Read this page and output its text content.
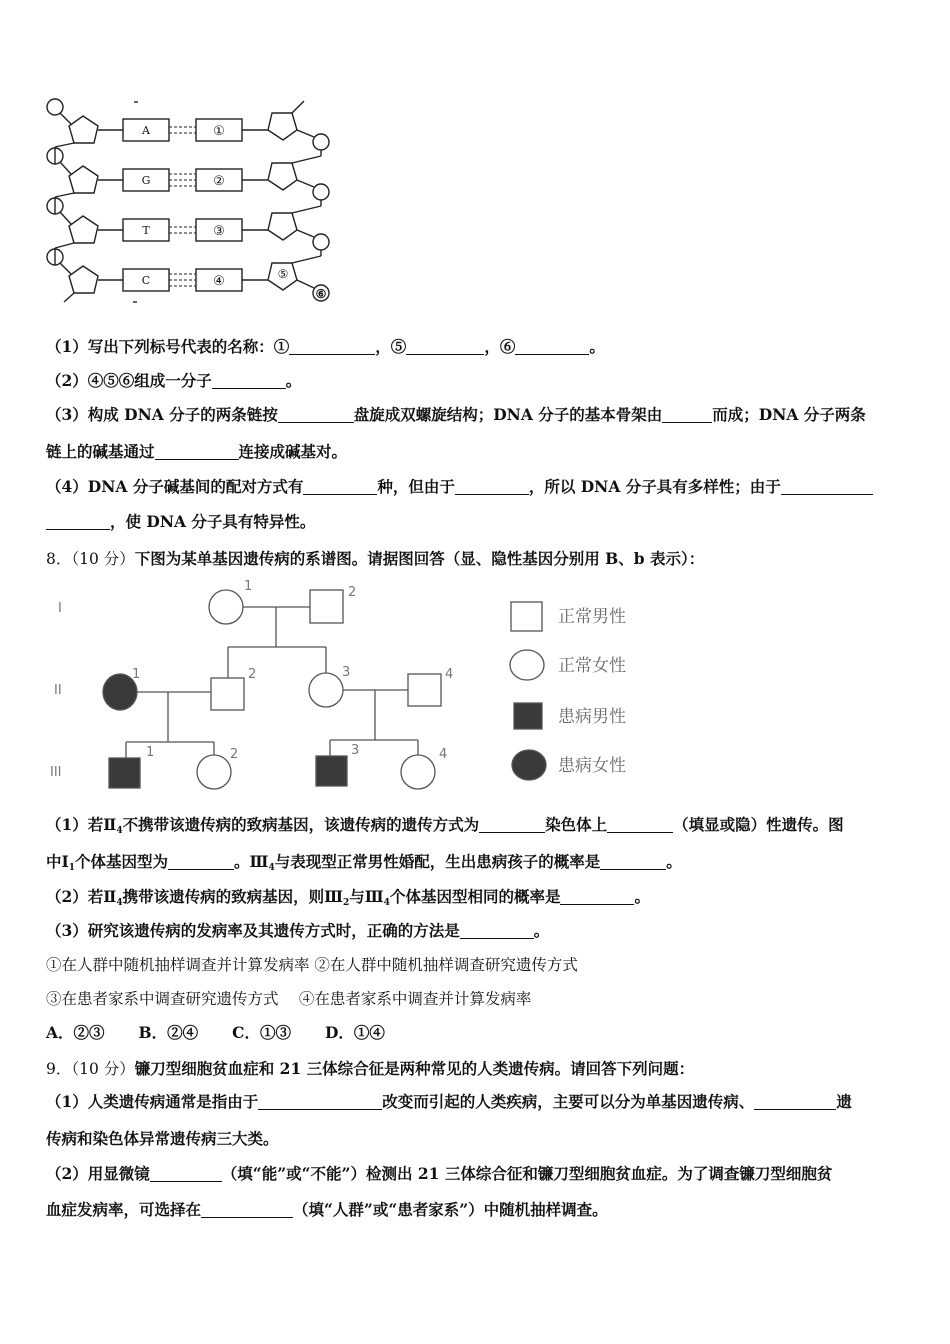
A
G
T
C
①
②
③
④	⑤
⑥
（1）写出下列标号代表的名称：①	，⑤	，⑥	。
（2）④⑤⑥组成一分子	。
（3）构成 DNA 分子的两条链按	盘旋成双螺旋结构；DNA 分子的基本骨架由	而成；DNA 分子两条
链上的碱基通过	连接成碱基对。
（4）DNA 分子碱基间的配对方式有	种，但由于	，所以 DNA 分子具有多样性；由于
，使 DNA 分子具有特异性。
8．（10 分）下图为某单基因遗传病的系谱图。请据图回答（显、隐性基因分别用 B、b 表示）：
I
II
III
1	2
1	2	3	4
1	2	3	4
正常男性
正常女性
患病男性
患病女性
（1）若$Ⅱ_4$不携带该遗传病的致病基因，该遗传病的遗传方式为	染色体上	（填显或隐）性遗传。图
中$Ⅰ_1$个体基因型为	。$Ⅲ_4$与表现型正常男性婚配，生出患病孩子的概率是	。
（2）若$Ⅱ_4$携带该遗传病的致病基因，则$Ⅲ_2$与$Ⅲ_4$个体基因型相同的概率是	。
（3）研究该遗传病的发病率及其遗传方式时，正确的方法是	。
①在人群中随机抽样调查并计算发病率 ②在人群中随机抽样调查研究遗传方式
③在患者家系中调查研究遗传方式　 ④在患者家系中调查并计算发病率
A．②③ B．②④ C．①③ D．①④
9．（10 分）镰刀型细胞贫血症和 21 三体综合征是两种常见的人类遗传病。请回答下列问题：
（1）人类遗传病通常是指由于	改变而引起的人类疾病，主要可以分为单基因遗传病、	遗
传病和染色体异常遗传病三大类。
（2）用显微镜	（填“能”或“不能”）检测出 21 三体综合征和镰刀型细胞贫血症。为了调查镰刀型细胞贫
血症发病率，可选择在	（填“人群”或“患者家系”）中随机抽样调查。
